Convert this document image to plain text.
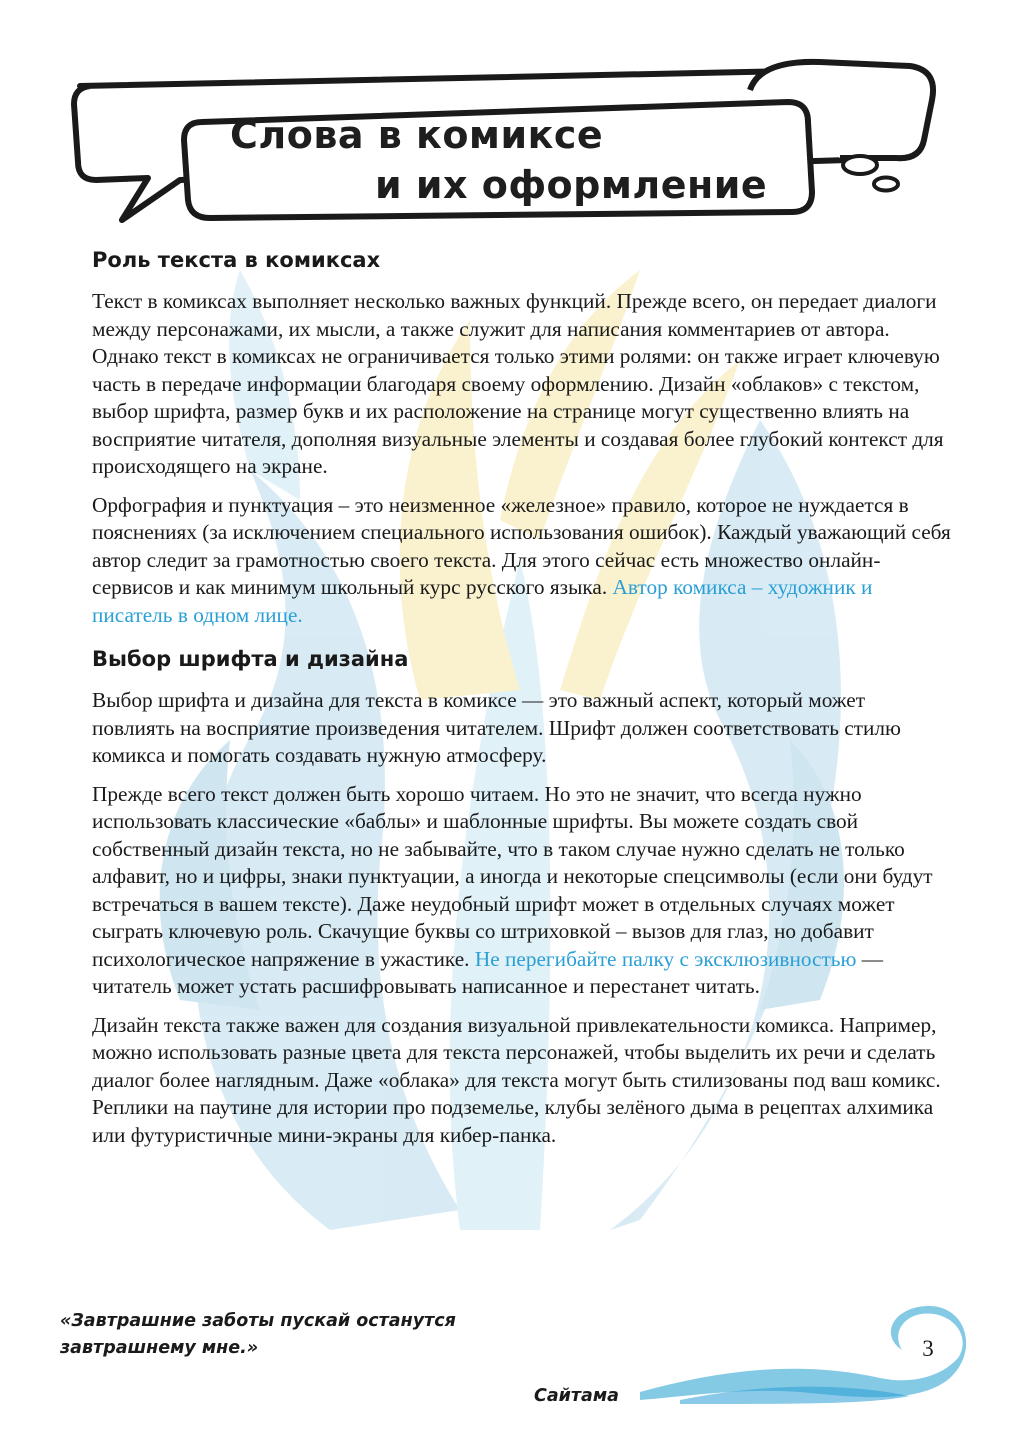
Слова в комиксе
и их оформление
Роль текста в комиксах

Текст в комиксах выполняет несколько важных функций. Прежде всего, он передает диалоги между персонажами, их мысли, а также служит для написания комментариев от автора. Однако текст в комиксах не ограничивается только этими ролями: он также играет ключевую часть в передаче информации благодаря своему оформлению. Дизайн «облаков» с текстом, выбор шрифта, размер букв и их расположение на странице могут существенно влиять на восприятие читателя, дополняя визуальные элементы и создавая более глубокий контекст для происходящего на экране.

Орфография и пунктуация – это неизменное «железное» правило, которое не нуждается в пояснениях (за исключением специального использования ошибок). Каждый уважающий себя автор следит за грамотностью своего текста. Для этого сейчас есть множество онлайн-сервисов и как минимум школьный курс русского языка. Автор комикса – художник и писатель в одном лице.

Выбор шрифта и дизайна

Выбор шрифта и дизайна для текста в комиксе — это важный аспект, который может повлиять на восприятие произведения читателем. Шрифт должен соответствовать стилю комикса и помогать создавать нужную атмосферу.

Прежде всего текст должен быть хорошо читаем. Но это не значит, что всегда нужно использовать классические «баблы» и шаблонные шрифты. Вы можете создать свой собственный дизайн текста, но не забывайте, что в таком случае нужно сделать не только алфавит, но и цифры, знаки пунктуации, а иногда и некоторые спецсимволы (если они будут встречаться в вашем тексте). Даже неудобный шрифт может в отдельных случаях может сыграть ключевую роль. Скачущие буквы со штриховкой – вызов для глаз, но добавит психологическое напряжение в ужастике. Не перегибайте палку с эксклюзивностью — читатель может устать расшифровывать написанное и перестанет читать.

Дизайн текста также важен для создания визуальной привлекательности комикса. Например, можно использовать разные цвета для текста персонажей, чтобы выделить их речи и сделать диалог более наглядным. Даже «облака» для текста могут быть стилизованы под ваш комикс. Реплики на паутине для истории про подземелье, клубы зелёного дыма в рецептах алхимика или футуристичные мини-экраны для кибер-панка.

«Завтрашние заботы пускай останутся
завтрашнему мне.»
Сайтама
3
